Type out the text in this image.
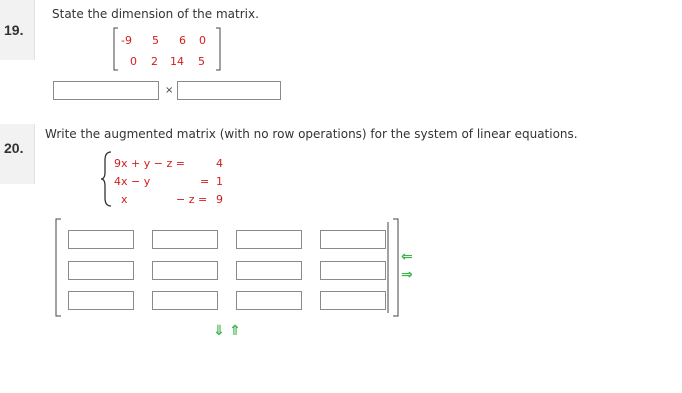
19.
State the dimension of the matrix.
-9 5 6 0
0 2 14 5
×
20.
Write the augmented matrix (with no row operations) for the system of linear equations.
9x + y − z =	4
4x − y	= 1
x	− z = 9
⇐
⇒
⇓ ⇑
